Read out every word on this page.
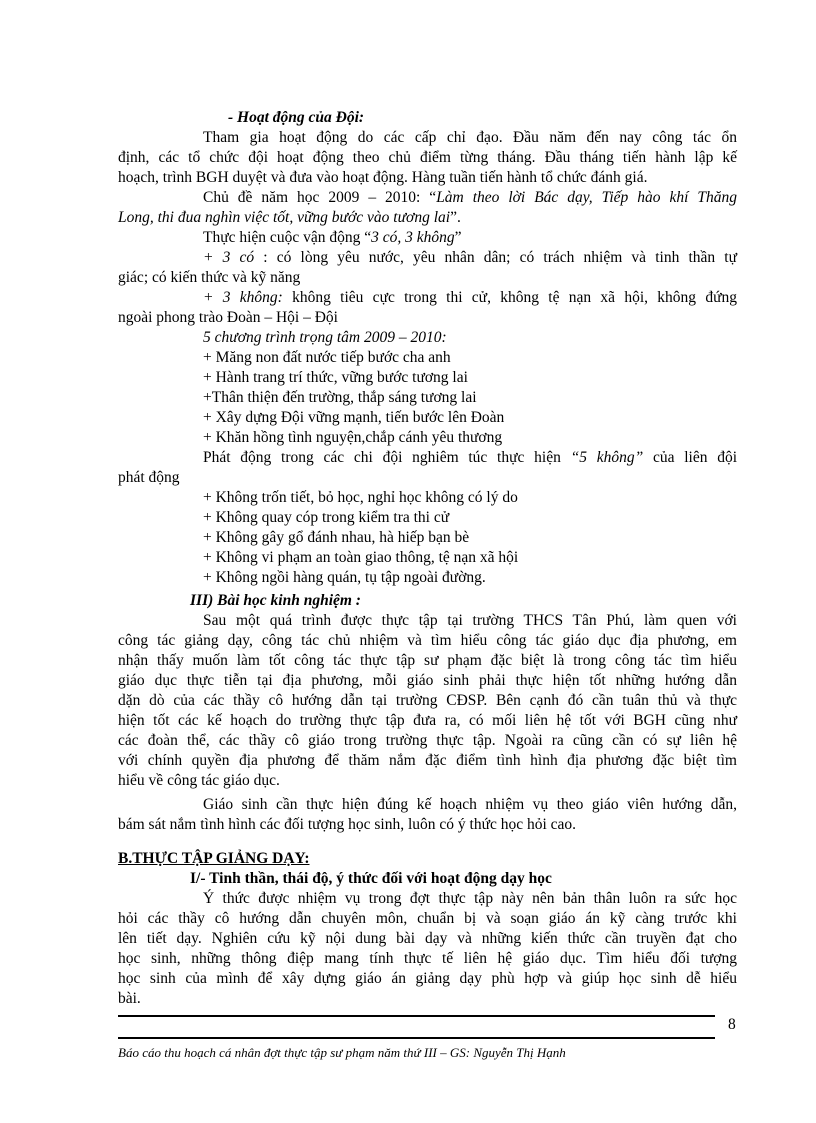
- Hoạt động của Đội:
Tham gia hoạt động do các cấp chỉ đạo. Đầu năm đến nay công tác ổn
định, các tổ chức đội hoạt động theo chủ điểm từng tháng. Đầu tháng tiến hành lập kế
hoạch, trình BGH duyệt và đưa vào hoạt động. Hàng tuần tiến hành tổ chức đánh giá.
Chủ đề năm học 2009 – 2010: “Làm theo lời Bác dạy, Tiếp hào khí Thăng
Long, thi đua nghìn việc tốt, vững bước vào tương lai”.
Thực hiện cuộc vận động “3 có, 3 không”
+ 3 có : có lòng yêu nước, yêu nhân dân; có trách nhiệm và tinh thần tự
giác; có kiến thức và kỹ năng
+ 3 không: không tiêu cực trong thi cử, không tệ nạn xã hội, không đứng
ngoài phong trào Đoàn – Hội – Đội
5 chương trình trọng tâm 2009 – 2010:
+ Măng non đất nước tiếp bước cha anh
+ Hành trang trí thức, vững bước tương lai
+Thân thiện đến trường, thắp sáng tương lai
+ Xây dựng Đội vững mạnh, tiến bước lên Đoàn
+ Khăn hồng tình nguyện,chắp cánh yêu thương
Phát động trong các chi đội nghiêm túc thực hiện “5 không” của liên đội
phát động
+ Không trốn tiết, bỏ học, nghỉ học không có lý do
+ Không quay cóp trong kiểm tra thi cử
+ Không gây gổ đánh nhau, hà hiếp bạn bè
+ Không vi phạm an toàn giao thông, tệ nạn xã hội
+ Không ngồi hàng quán, tụ tập ngoài đường.
III) Bài học kinh nghiệm :
Sau một quá trình được thực tập tại trường THCS Tân Phú, làm quen với
công tác giảng dạy, công tác chủ nhiệm và tìm hiểu công tác giáo dục địa phương, em
nhận thấy muốn làm tốt công tác thực tập sư phạm đặc biệt là trong công tác tìm hiểu
giáo dục thực tiễn tại địa phương, mỗi giáo sinh phải thực hiện tốt những hướng dẫn
dặn dò của các thầy cô hướng dẫn tại trường CĐSP. Bên cạnh đó cần tuân thủ và thực
hiện tốt các kế hoạch do trường thực tập đưa ra, có mối liên hệ tốt với BGH cũng như
các đoàn thể, các thầy cô giáo trong trường thực tập. Ngoài ra cũng cần có sự liên hệ
với chính quyền địa phương để thăm nắm đặc điểm tình hình địa phương đặc biệt tìm
hiểu về công tác giáo dục.
Giáo sinh cần thực hiện đúng kế hoạch nhiệm vụ theo giáo viên hướng dẫn,
bám sát nắm tình hình các đối tượng học sinh, luôn có ý thức học hỏi cao.
B.THỰC TẬP GIẢNG DẠY:
I/- Tinh thần, thái độ, ý thức đối với hoạt động dạy học
Ý thức được nhiệm vụ trong đợt thực tập này nên bản thân luôn ra sức học
hỏi các thầy cô hướng dẫn chuyên môn, chuẩn bị và soạn giáo án kỹ càng trước khi
lên tiết dạy. Nghiên cứu kỹ nội dung bài dạy và những kiến thức cần truyền đạt cho
học sinh, những thông điệp mang tính thực tế liên hệ giáo dục. Tìm hiểu đối tượng
học sinh của mình để xây dựng giáo án giảng dạy phù hợp và giúp học sinh dễ hiểu
bài.
8
Báo cáo thu hoạch cá nhân đợt thực tập sư phạm năm thứ III – GS: Nguyễn Thị Hạnh
